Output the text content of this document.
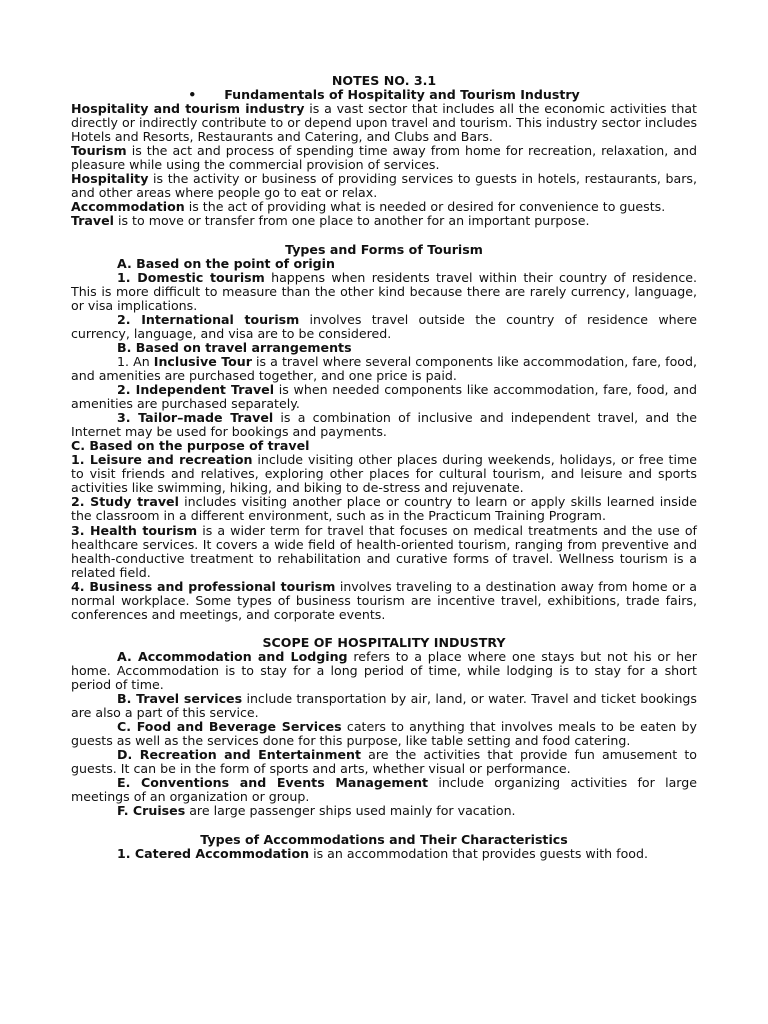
NOTES NO. 3.1
• Fundamentals of Hospitality and Tourism Industry

Hospitality and tourism industry is a vast sector that includes all the economic activities that directly or indirectly contribute to or depend upon travel and tourism. This industry sector includes Hotels and Resorts, Restaurants and Catering, and Clubs and Bars.

Tourism is the act and process of spending time away from home for recreation, relaxation, and pleasure while using the commercial provision of services.

Hospitality is the activity or business of providing services to guests in hotels, restaurants, bars, and other areas where people go to eat or relax.

Accommodation is the act of providing what is needed or desired for convenience to guests.

Travel is to move or transfer from one place to another for an important purpose.

Types and Forms of Tourism

A. Based on the point of origin

1. Domestic tourism happens when residents travel within their country of residence. This is more difficult to measure than the other kind because there are rarely currency, language, or visa implications.

2. International tourism involves travel outside the country of residence where currency, language, and visa are to be considered.

B. Based on travel arrangements

1. An Inclusive Tour is a travel where several components like accommodation, fare, food, and amenities are purchased together, and one price is paid.

2. Independent Travel is when needed components like accommodation, fare, food, and amenities are purchased separately.

3. Tailor–made Travel is a combination of inclusive and independent travel, and the Internet may be used for bookings and payments.

C. Based on the purpose of travel

1. Leisure and recreation include visiting other places during weekends, holidays, or free time to visit friends and relatives, exploring other places for cultural tourism, and leisure and sports activities like swimming, hiking, and biking to de-stress and rejuvenate.

2. Study travel includes visiting another place or country to learn or apply skills learned inside the classroom in a different environment, such as in the Practicum Training Program.

3. Health tourism is a wider term for travel that focuses on medical treatments and the use of healthcare services. It covers a wide field of health-oriented tourism, ranging from preventive and health-conductive treatment to rehabilitation and curative forms of travel. Wellness tourism is a related field.

4. Business and professional tourism involves traveling to a destination away from home or a normal workplace. Some types of business tourism are incentive travel, exhibitions, trade fairs, conferences and meetings, and corporate events.

SCOPE OF HOSPITALITY INDUSTRY

A. Accommodation and Lodging refers to a place where one stays but not his or her home. Accommodation is to stay for a long period of time, while lodging is to stay for a short period of time.

B. Travel services include transportation by air, land, or water. Travel and ticket bookings are also a part of this service.

C. Food and Beverage Services caters to anything that involves meals to be eaten by guests as well as the services done for this purpose, like table setting and food catering.

D. Recreation and Entertainment are the activities that provide fun amusement to guests. It can be in the form of sports and arts, whether visual or performance.

E. Conventions and Events Management include organizing activities for large meetings of an organization or group.

F. Cruises are large passenger ships used mainly for vacation.

Types of Accommodations and Their Characteristics

1. Catered Accommodation is an accommodation that provides guests with food.
